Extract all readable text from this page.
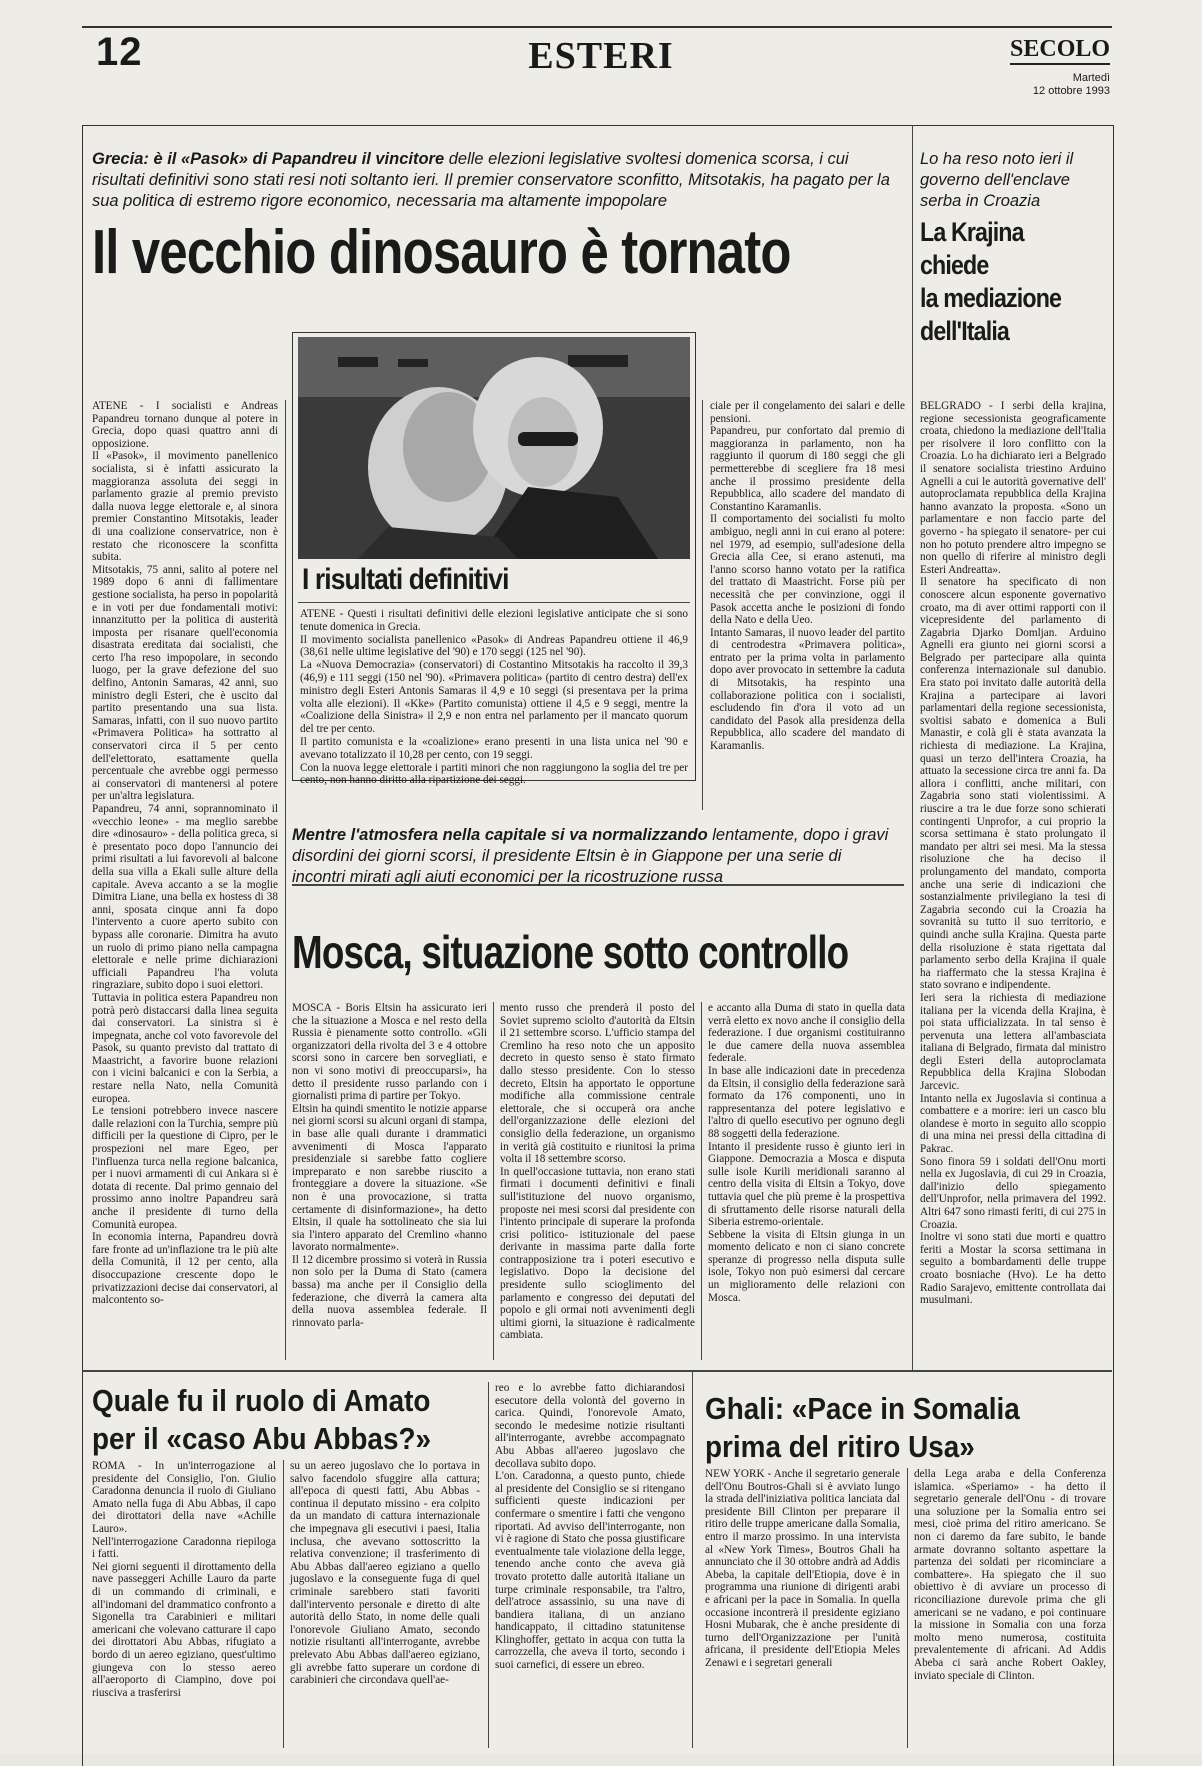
12	ESTERI	SECOLO
Martedì
12 ottobre 1993
Grecia: è il «Pasok» di Papandreu il vincitore delle elezioni legislative svoltesi domenica scorsa, i cui risultati definitivi sono stati resi noti soltanto ieri. Il premier conservatore sconfitto, Mitsotakis, ha pagato per la sua politica di estremo rigore economico, necessaria ma altamente impopolare
Il vecchio dinosauro è tornato
ATENE - I socialisti e Andreas Papandreu tornano dunque al potere in Grecia, dopo quasi quattro anni di opposizione.
Il «Pasok», il movimento panellenico socialista, si è infatti assicurato la maggioranza assoluta dei seggi in parlamento grazie al premio previsto dalla nuova legge elettorale e, al sinora premier Constantino Mitsotakis, leader di una coalizione conservatrice, non è restato che riconoscere la sconfitta subita.
Mitsotakis, 75 anni, salito al potere nel 1989 dopo 6 anni di fallimentare gestione socialista, ha perso in popolarità e in voti per due fondamentali motivi: innanzitutto per la politica di austerità imposta per risanare quell'economia disastrata ereditata dai socialisti, che certo l'ha reso impopolare, in secondo luogo, per la grave defezione del suo delfino, Antonin Samaras, 42 anni, suo ministro degli Esteri, che è uscito dal partito presentando una sua lista. Samaras, infatti, con il suo nuovo partito «Primavera Politica» ha sottratto al conservatori circa il 5 per cento dell'elettorato, esattamente quella percentuale che avrebbe oggi permesso ai conservatori di mantenersi al potere per un'altra legislatura.
Papandreu, 74 anni, soprannominato il «vecchio leone» - ma meglio sarebbe dire «dinosauro» - della politica greca, si è presentato poco dopo l'annuncio dei primi risultati a lui favorevoli al balcone della sua villa a Ekali sulle alture della capitale. Aveva accanto a se la moglie Dimitra Liane, una bella ex hostess di 38 anni, sposata cinque anni fa dopo l'intervento a cuore aperto subito con bypass alle coronarie. Dimitra ha avuto un ruolo di primo piano nella campagna elettorale e nelle prime dichiarazioni ufficiali Papandreu l'ha voluta ringraziare, subito dopo i suoi elettori.
Tuttavia in politica estera Papandreu non potrà però distaccarsi dalla linea seguita dai conservatori. La sinistra si è impegnata, anche col voto favorevole del Pasok, su quanto previsto dal trattato di Maastricht, a favorire buone relazioni con i vicini balcanici e con la Serbia, a restare nella Nato, nella Comunità europea.
Le tensioni potrebbero invece nascere dalle relazioni con la Turchia, sempre più difficili per la questione di Cipro, per le prospezioni nel mare Egeo, per l'influenza turca nella regione balcanica, per i nuovi armamenti di cui Ankara si è dotata di recente. Dal primo gennaio del prossimo anno inoltre Papandreu sarà anche il presidente di turno della Comunità europea.
In economia interna, Papandreu dovrà fare fronte ad un'inflazione tra le più alte della Comunità, il 12 per cento, alla disoccupazione crescente dopo le privatizzazioni decise dai conservatori, al malcontento so-
I risultati definitivi
ATENE - Questi i risultati definitivi delle elezioni legislative anticipate che si sono tenute domenica in Grecia.
Il movimento socialista panellenico «Pasok» di Andreas Papandreu ottiene il 46,9 (38,61 nelle ultime legislative del '90) e 170 seggi (125 nel '90).
La «Nuova Democrazia» (conservatori) di Costantino Mitsotakis ha raccolto il 39,3 (46,9) e 111 seggi (150 nel '90). «Primavera politica» (partito di centro destra) dell'ex ministro degli Esteri Antonis Samaras il 4,9 e 10 seggi (si presentava per la prima volta alle elezioni). Il «Kke» (Partito comunista) ottiene il 4,5 e 9 seggi, mentre la «Coalizione della Sinistra» il 2,9 e non entra nel parlamento per il mancato quorum del tre per cento.
Il partito comunista e la «coalizione» erano presenti in una lista unica nel '90 e avevano totalizzato il 10,28 per cento, con 19 seggi.
Con la nuova legge elettorale i partiti minori che non raggiungono la soglia del tre per cento, non hanno diritto alla ripartizione dei seggi.
ciale per il congelamento dei salari e delle pensioni.
Papandreu, pur confortato dal premio di maggioranza in parlamento, non ha raggiunto il quorum di 180 seggi che gli permetterebbe di scegliere fra 18 mesi anche il prossimo presidente della Repubblica, allo scadere del mandato di Constantino Karamanlis.
Il comportamento dei socialisti fu molto ambiguo, negli anni in cui erano al potere: nel 1979, ad esempio, sull'adesione della Grecia alla Cee, si erano astenuti, ma l'anno scorso hanno votato per la ratifica del trattato di Maastricht. Forse più per necessità che per convinzione, oggi il Pasok accetta anche le posizioni di fondo della Nato e della Ueo.
Intanto Samaras, il nuovo leader del partito di centrodestra «Primavera politica», entrato per la prima volta in parlamento dopo aver provocato in settembre la caduta di Mitsotakis, ha respinto una collaborazione politica con i socialisti, escludendo fin d'ora il voto ad un candidato del Pasok alla presidenza della Repubblica, allo scadere del mandato di Karamanlis.
Lo ha reso noto ieri il governo dell'enclave serba in Croazia
La Krajina
chiede
la mediazione
dell'Italia
BELGRADO - I serbi della krajina, regione secessionista geograficamente croata, chiedono la mediazione dell'Italia per risolvere il loro conflitto con la Croazia. Lo ha dichiarato ieri a Belgrado il senatore socialista triestino Arduino Agnelli a cui le autorità governative dell' autoproclamata repubblica della Krajina hanno avanzato la proposta. «Sono un parlamentare e non faccio parte del governo - ha spiegato il senatore- per cui non ho potuto prendere altro impegno se non quello di riferire al ministro degli Esteri Andreatta».
Il senatore ha specificato di non conoscere alcun esponente governativo croato, ma di aver ottimi rapporti con il vicepresidente del parlamento di Zagabria Djarko Domljan. Arduino Agnelli era giunto nei giorni scorsi a Belgrado per partecipare alla quinta conferenza internazionale sul danubio. Era stato poi invitato dalle autorità della Krajina a partecipare ai lavori parlamentari della regione secessionista, svoltisi sabato e domenica a Buli Manastir, e colà gli è stata avanzata la richiesta di mediazione. La Krajina, quasi un terzo dell'intera Croazia, ha attuato la secessione circa tre anni fa. Da allora i conflitti, anche militari, con Zagabria sono stati violentissimi. A riuscire a tra le due forze sono schierati contingenti Unprofor, a cui proprio la scorsa settimana è stato prolungato il mandato per altri sei mesi. Ma la stessa risoluzione che ha deciso il prolungamento del mandato, comporta anche una serie di indicazioni che sostanzialmente privilegiano la tesi di Zagabria secondo cui la Croazia ha sovranità su tutto il suo territorio, e quindi anche sulla Krajina. Questa parte della risoluzione è stata rigettata dal parlamento serbo della Krajina il quale ha riaffermato che la stessa Krajina è stato sovrano e indipendente.
Ieri sera la richiesta di mediazione italiana per la vicenda della Krajina, è poi stata ufficializzata. In tal senso è pervenuta una lettera all'ambasciata italiana di Belgrado, firmata dal ministro degli Esteri della autoproclamata Repubblica della Krajina Slobodan Jarcevic.
Intanto nella ex Jugoslavia si continua a combattere e a morire: ieri un casco blu olandese è morto in seguito allo scoppio di una mina nei pressi della cittadina di Pakrac.
Sono finora 59 i soldati dell'Onu morti nella ex Jugoslavia, di cui 29 in Croazia, dall'inizio dello spiegamento dell'Unprofor, nella primavera del 1992. Altri 647 sono rimasti feriti, di cui 275 in Croazia.
Inoltre vi sono stati due morti e quattro feriti a Mostar la scorsa settimana in seguito a bombardamenti delle truppe croato bosniache (Hvo). Le ha detto Radio Sarajevo, emittente controllata dai musulmani.
Mentre l'atmosfera nella capitale si va normalizzando lentamente, dopo i gravi disordini dei giorni scorsi, il presidente Eltsin è in Giappone per una serie di incontri mirati agli aiuti economici per la ricostruzione russa
Mosca, situazione sotto controllo
MOSCA - Boris Eltsin ha assicurato ieri che la situazione a Mosca e nel resto della Russia è pienamente sotto controllo. «Gli organizzatori della rivolta del 3 e 4 ottobre scorsi sono in carcere ben sorvegliati, e non vi sono motivi di preoccuparsi», ha detto il presidente russo parlando con i giornalisti prima di partire per Tokyo.
Eltsin ha quindi smentito le notizie apparse nei giorni scorsi su alcuni organi di stampa, in base alle quali durante i drammatici avvenimenti di Mosca l'apparato presidenziale si sarebbe fatto cogliere impreparato e non sarebbe riuscito a fronteggiare a dovere la situazione. «Se non è una provocazione, si tratta certamente di disinformazione», ha detto Eltsin, il quale ha sottolineato che sia lui sia l'intero apparato del Cremlino «hanno lavorato normalmente».
Il 12 dicembre prossimo si voterà in Russia non solo per la Duma di Stato (camera bassa) ma anche per il Consiglio della federazione, che diverrà la camera alta della nuova assemblea federale. Il rinnovato parla-
mento russo che prenderà il posto del Soviet supremo sciolto d'autorità da Eltsin il 21 settembre scorso. L'ufficio stampa del Cremlino ha reso noto che un apposito decreto in questo senso è stato firmato dallo stesso presidente. Con lo stesso decreto, Eltsin ha apportato le opportune modifiche alla commissione centrale elettorale, che si occuperà ora anche dell'organizzazione delle elezioni del consiglio della federazione, un organismo in verità già costituito e riunitosi la prima volta il 18 settembre scorso.
In quell'occasione tuttavia, non erano stati firmati i documenti definitivi e finali sull'istituzione del nuovo organismo, proposte nei mesi scorsi dal presidente con l'intento principale di superare la profonda crisi politico- istituzionale del paese derivante in massima parte dalla forte contrapposizione tra i poteri esecutivo e legislativo. Dopo la decisione del presidente sullo scioglimento del parlamento e congresso dei deputati del popolo e gli ormai noti avvenimenti degli ultimi giorni, la situazione è radicalmente cambiata.
e accanto alla Duma di stato in quella data verrà eletto ex novo anche il consiglio della federazione. I due organismi costituiranno le due camere della nuova assemblea federale.
In base alle indicazioni date in precedenza da Eltsin, il consiglio della federazione sarà formato da 176 componenti, uno in rappresentanza del potere legislativo e l'altro di quello esecutivo per ognuno degli 88 soggetti della federazione.
Intanto il presidente russo è giunto ieri in Giappone. Democrazia a Mosca e disputa sulle isole Kurili meridionali saranno al centro della visita di Eltsin a Tokyo, dove tuttavia quel che più preme è la prospettiva di sfruttamento delle risorse naturali della Siberia estremo-orientale.
Sebbene la visita di Eltsin giunga in un momento delicato e non ci siano concrete speranze di progresso nella disputa sulle isole, Tokyo non può esimersi dal cercare un miglioramento delle relazioni con Mosca.
Quale fu il ruolo di Amato
per il «caso Abu Abbas?»
ROMA - In un'interrogazione al presidente del Consiglio, l'on. Giulio Caradonna denuncia il ruolo di Giuliano Amato nella fuga di Abu Abbas, il capo dei dirottatori della nave «Achille Lauro».
Nell'interrogazione Caradonna riepiloga i fatti.
Nei giorni seguenti il dirottamento della nave passeggeri Achille Lauro da parte di un commando di criminali, e all'indomani del drammatico confronto a Sigonella tra Carabinieri e militari americani che volevano catturare il capo dei dirottatori Abu Abbas, rifugiato a bordo di un aereo egiziano, quest'ultimo giungeva con lo stesso aereo all'aeroporto di Ciampino, dove poi riusciva a trasferirsi
su un aereo jugoslavo che lo portava in salvo facendolo sfuggire alla cattura; all'epoca di questi fatti, Abu Abbas - continua il deputato missino - era colpito da un mandato di cattura internazionale che impegnava gli esecutivi i paesi, Italia inclusa, che avevano sottoscritto la relativa convenzione; il trasferimento di Abu Abbas dall'aereo egiziano a quello jugoslavo e la conseguente fuga di quel criminale sarebbero stati favoriti dall'intervento personale e diretto di alte autorità dello Stato, in nome delle quali l'onorevole Giuliano Amato, secondo notizie risultanti all'interrogante, avrebbe prelevato Abu Abbas dall'aereo egiziano, gli avrebbe fatto superare un cordone di carabinieri che circondava quell'ae-
reo e lo avrebbe fatto dichiarandosi esecutore della volontà del governo in carica. Quindi, l'onorevole Amato, secondo le medesime notizie risultanti all'interrogante, avrebbe accompagnato Abu Abbas all'aereo jugoslavo che decollava subito dopo.
L'on. Caradonna, a questo punto, chiede al presidente del Consiglio se si ritengano sufficienti queste indicazioni per confermare o smentire i fatti che vengono riportati. Ad avviso dell'interrogante, non vi è ragione di Stato che possa giustificare eventualmente tale violazione della legge, tenendo anche conto che aveva già trovato protetto dalle autorità italiane un turpe criminale responsabile, tra l'altro, dell'atroce assassinio, su una nave di bandiera italiana, di un anziano handicappato, il cittadino statunitense Klinghoffer, gettato in acqua con tutta la carrozzella, che aveva il torto, secondo i suoi carnefici, di essere un ebreo.
Ghali: «Pace in Somalia
prima del ritiro Usa»
NEW YORK - Anche il segretario generale dell'Onu Boutros-Ghali si è avviato lungo la strada dell'iniziativa politica lanciata dal presidente Bill Clinton per preparare il ritiro delle truppe americane dalla Somalia, entro il marzo prossimo. In una intervista al «New York Times», Boutros Ghali ha annunciato che il 30 ottobre andrà ad Addis Abeba, la capitale dell'Etiopia, dove è in programma una riunione di dirigenti arabi e africani per la pace in Somalia. In quella occasione incontrerà il presidente egiziano Hosni Mubarak, che è anche presidente di turno dell'Organizzazione per l'unità africana, il presidente dell'Etiopia Meles Zenawi e i segretari generali
della Lega araba e della Conferenza islamica. «Speriamo» - ha detto il segretario generale dell'Onu - di trovare una soluzione per la Somalia entro sei mesi, cioè prima del ritiro americano. Se non ci daremo da fare subito, le bande armate dovranno soltanto aspettare la partenza dei soldati per ricominciare a combattere». Ha spiegato che il suo obiettivo è di avviare un processo di riconciliazione durevole prima che gli americani se ne vadano, e poi continuare la missione in Somalia con una forza molto meno numerosa, costituita prevalentemente di africani. Ad Addis Abeba ci sarà anche Robert Oakley, inviato speciale di Clinton.
